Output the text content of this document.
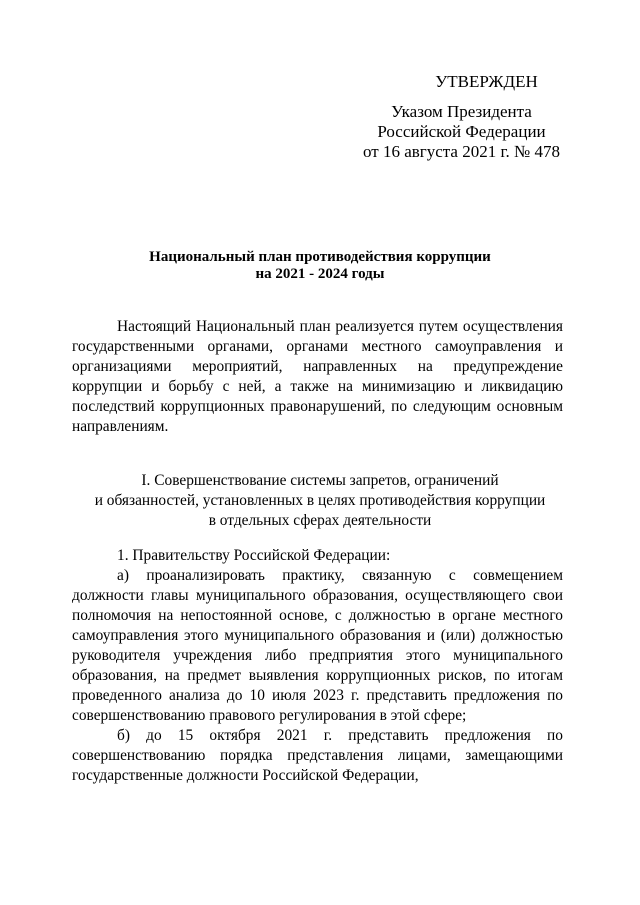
УТВЕРЖДЕН
Указом Президента
Российской Федерации
от 16 августа 2021 г. № 478
Национальный план противодействия коррупции
на 2021 - 2024 годы

Настоящий Национальный план реализуется путем осуществления государственными органами, органами местного самоуправления и организациями мероприятий, направленных на предупреждение коррупции и борьбу с ней, а также на минимизацию и ликвидацию последствий коррупционных правонарушений, по следующим основным направлениям.

I. Совершенствование системы запретов, ограничений
и обязанностей, установленных в целях противодействия коррупции
в отдельных сферах деятельности

1. Правительству Российской Федерации:

а) проанализировать практику, связанную с совмещением должности главы муниципального образования, осуществляющего свои полномочия на непостоянной основе, с должностью в органе местного самоуправления этого муниципального образования и (или) должностью руководителя учреждения либо предприятия этого муниципального образования, на предмет выявления коррупционных рисков, по итогам проведенного анализа до 10 июля 2023 г. представить предложения по совершенствованию правового регулирования в этой сфере;

б) до 15 октября 2021 г. представить предложения по совершенствованию порядка представления лицами, замещающими государственные должности Российской Федерации,
